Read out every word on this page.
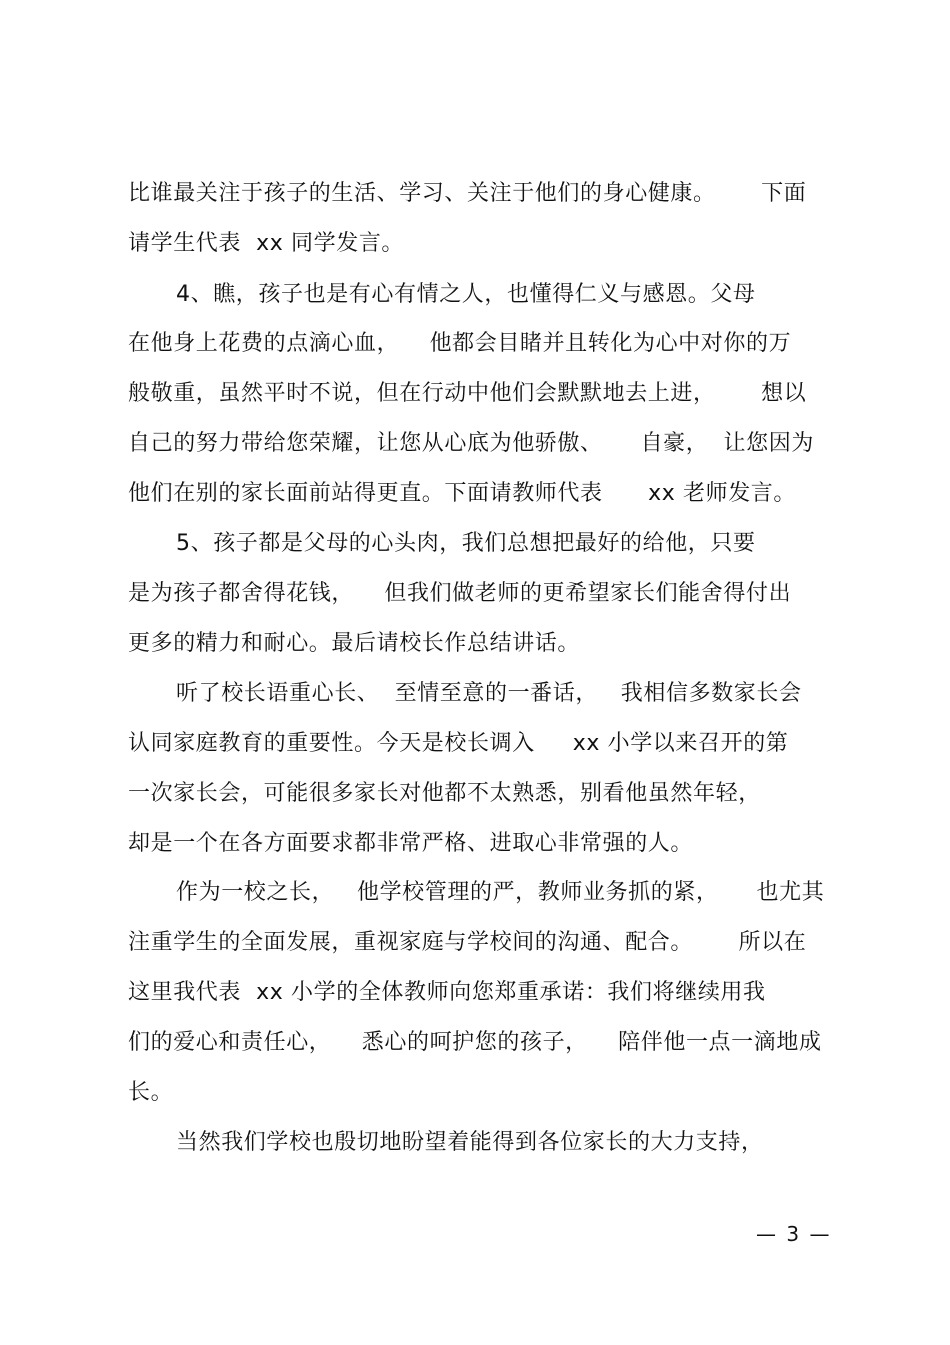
比谁最关注于孩子的生活、学习、关注于他们的身心健康。      下面
请学生代表  xx 同学发言。
4、瞧，孩子也是有心有情之人，也懂得仁义与感恩。父母
在他身上花费的点滴心血，    他都会目睹并且转化为心中对你的万
般敬重，虽然平时不说，但在行动中他们会默默地去上进，      想以
自己的努力带给您荣耀，让您从心底为他骄傲、     自豪，  让您因为
他们在别的家长面前站得更直。下面请教师代表      xx 老师发言。
5、孩子都是父母的心头肉，我们总想把最好的给他，只要
是为孩子都舍得花钱，    但我们做老师的更希望家长们能舍得付出
更多的精力和耐心。最后请校长作总结讲话。
听了校长语重心长、  至情至意的一番话，   我相信多数家长会
认同家庭教育的重要性。今天是校长调入     xx 小学以来召开的第
一次家长会，可能很多家长对他都不太熟悉，别看他虽然年轻，
却是一个在各方面要求都非常严格、进取心非常强的人。
作为一校之长，   他学校管理的严，教师业务抓的紧，     也尤其
注重学生的全面发展，重视家庭与学校间的沟通、配合。      所以在
这里我代表  xx 小学的全体教师向您郑重承诺：我们将继续用我
们的爱心和责任心，    悉心的呵护您的孩子，    陪伴他一点一滴地成
长。
当然我们学校也殷切地盼望着能得到各位家长的大力支持，
— 3 —
